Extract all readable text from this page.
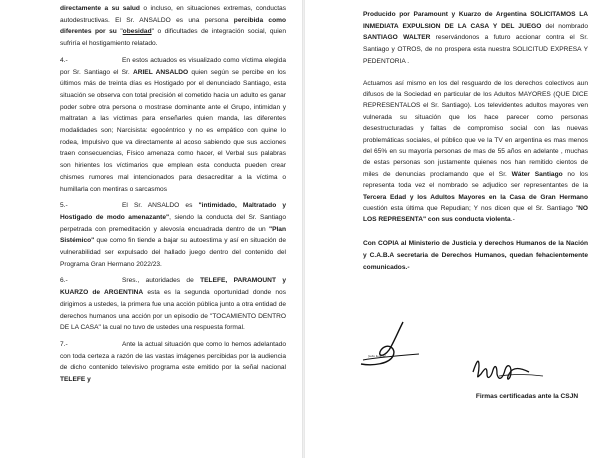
directamente a su salud o incluso, en situaciones extremas, conductas autodestructivas. El Sr. ANSALDO es una persona percibida como diferentes por su "obesidad" o dificultades de integración social, quien sufriría el hostigamiento relatado.

4.-	En estos actuados es visualizado como víctima elegida por Sr. Santiago el Sr. ARIEL ANSALDO quien según se percibe en los últimos más de treinta días es Hostigado por el denunciado Santiago, esta situación se observa con total precisión el cometido hacia un adulto es ganar poder sobre otra persona o mostrase dominante ante el Grupo, intimidan y maltratan a las víctimas para enseñarles quien manda, las diferentes modalidades son; Narcisista: egocéntrico y no es empático con quine lo rodea, Impulsivo que va directamente al acoso sabiendo que sus acciones traen consecuencias, Físico amenaza como hacer, el Verbal sus palabras son hirientes los víctimarios que emplean esta conducta pueden crear chismes rumores mal intencionados para desacreditar a la víctima o humillarla con mentiras o sarcasmos

5.-	El Sr. ANSALDO es "intimidado, Maltratado y Hostigado de modo amenazante", siendo la conducta del Sr. Santiago perpetrada con premeditación y alevosía encuadrada dentro de un "Plan Sistémico" que como fin tiende a bajar su autoestima y así en situación de vulnerabilidad ser expulsado del hallado juego dentro del contenido del Programa Gran Hermano 2022/23.

6.-	Sres., autoridades de TELEFE, PARAMOUNT y KUARZO de ARGENTINA esta es la segunda oportunidad donde nos dirigimos a ustedes, la primera fue una acción pública junto a otra entidad de derechos humanos una acción por un episodio de "TOCAMIENTO DENTRO DE LA CASA" la cual no tuvo de ustedes una respuesta formal.

7.-	Ante la actual situación que como lo hemos adelantado con toda certeza a razón de las vastas imágenes percibidas por la audiencia de dicho contenido televisivo programa este emitido por la señal nacional TELEFE y

Producido por Paramount y Kuarzo de Argentina SOLICITAMOS LA INMEDIATA EXPULSION DE LA CASA Y DEL JUEGO del nombrado SANTIAGO WALTER reservándonos a futuro accionar contra el Sr. Santiago y OTROS, de no prospera esta nuestra SOLICITUD EXPRESA Y PEDENTORIA .

Actuamos así mismo en los del resguardo de los derechos colectivos aun difusos de la Sociedad en particular de los Adultos MAYORES (QUE DICE REPRESENTALOS el Sr. Santiago). Los televidentes adultos mayores ven vulnerada su situación que los hace parecer como personas desestructuradas y faltas de compromiso social con las nuevas problemáticas sociales, el público que ve la TV en argentina es mas menos del 65% en su mayoría personas de mas de 55 años en adelante , muchas de estas personas son justamente quienes nos han remitido cientos de miles de denuncias proclamando que el Sr. Wáter Santiago no los representa toda vez el nombrado se adjudico ser representantes de la Tercera Edad y los Adultos Mayores en la Casa de Gran Hermano cuestión esta última que Repudian; Y nos dicen que el Sr. Santiago "NO LOS REPRESENTA" con sus conducta violenta.-

Con COPIA al Ministerio de Justicia y derechos Humanos de la Nación y C.A.B.A secretaria de Derechos Humanos, quedan fehacientemente comunicados.-
[sello ilegible]
Firmas certificadas ante la CSJN
